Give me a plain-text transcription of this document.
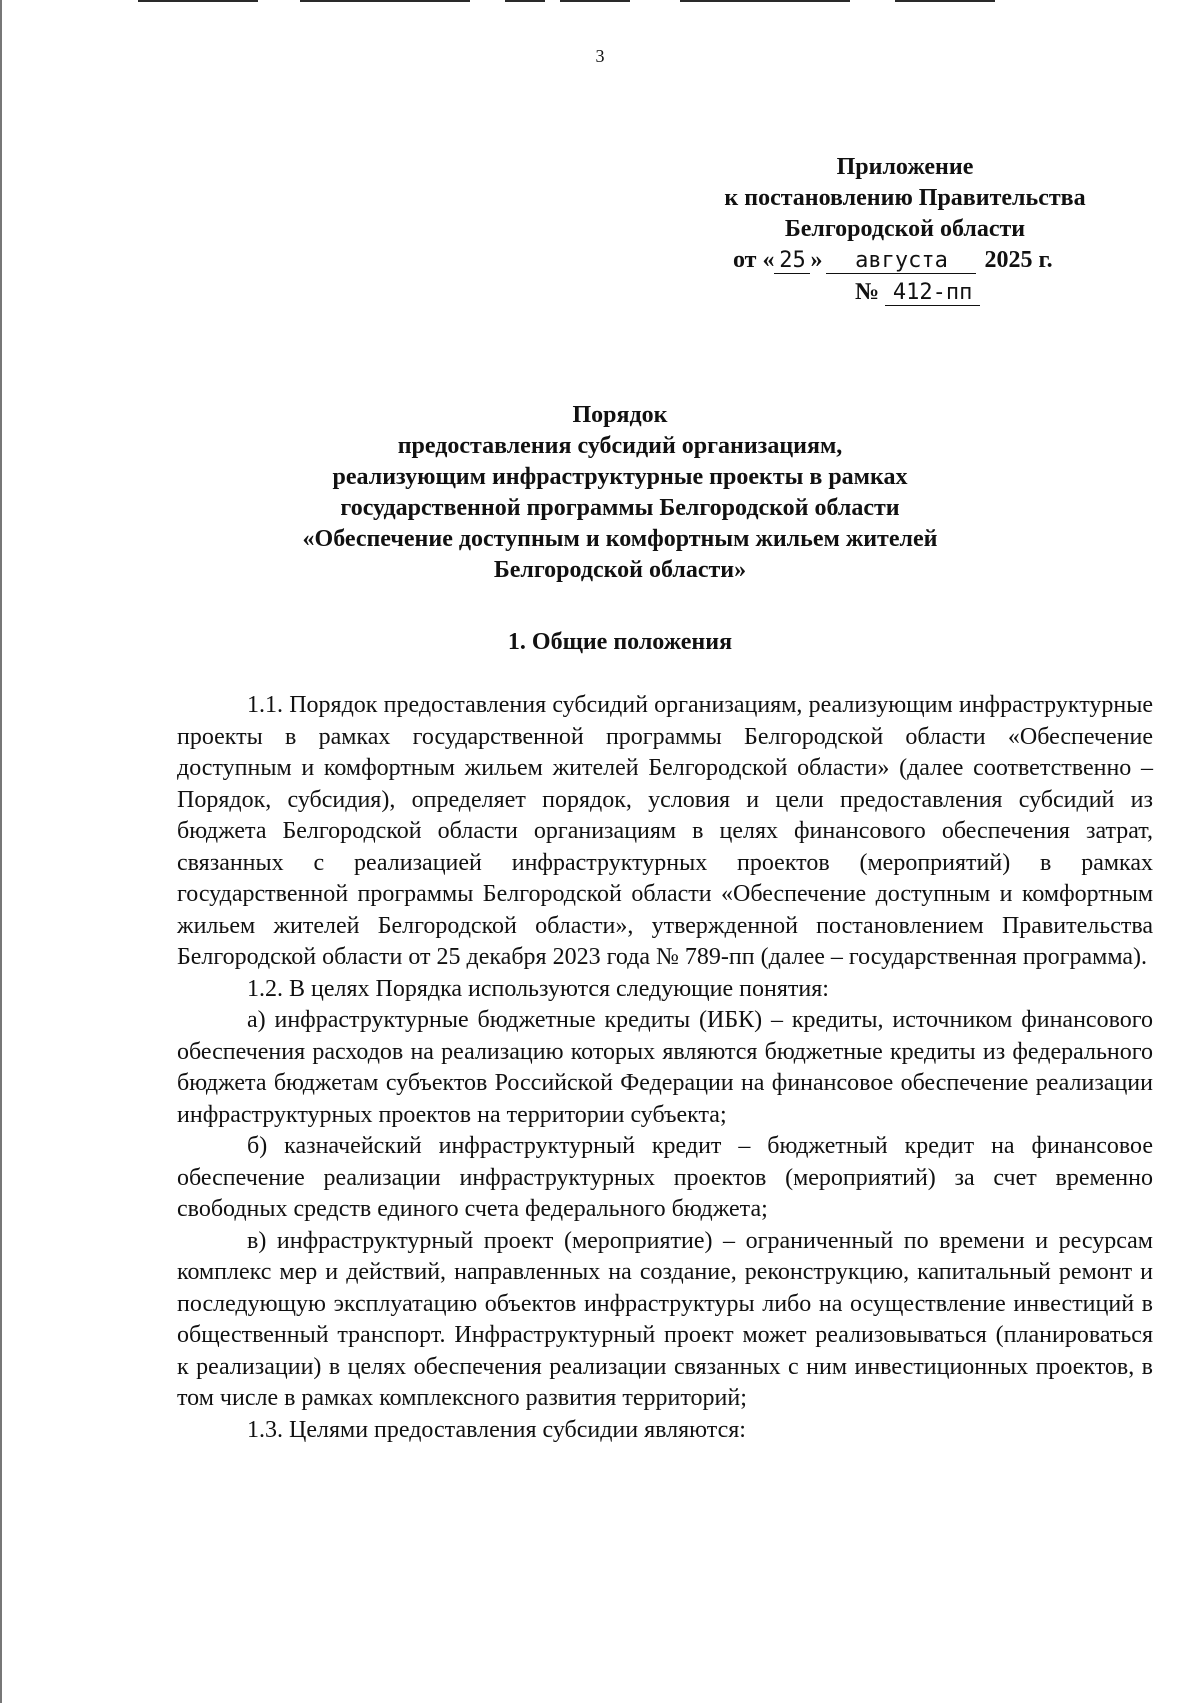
3
Приложение
к постановлению Правительства
Белгородской области
от « 25 » августа 2025 г.
№ 412-пп
Порядок
предоставления субсидий организациям,
реализующим инфраструктурные проекты в рамках
государственной программы Белгородской области
«Обеспечение доступным и комфортным жильем жителей
Белгородской области»
1. Общие положения

1.1. Порядок предоставления субсидий организациям, реализующим инфраструктурные проекты в рамках государственной программы Белгородской области «Обеспечение доступным и комфортным жильем жителей Белгородской области» (далее соответственно – Порядок, субсидия), определяет порядок, условия и цели предоставления субсидий из бюджета Белгородской области организациям в целях финансового обеспечения затрат, связанных с реализацией инфраструктурных проектов (мероприятий) в рамках государственной программы Белгородской области «Обеспечение доступным и комфортным жильем жителей Белгородской области», утвержденной постановлением Правительства Белгородской области от 25 декабря 2023 года № 789-пп (далее – государственная программа).

1.2. В целях Порядка используются следующие понятия:

а) инфраструктурные бюджетные кредиты (ИБК) – кредиты, источником финансового обеспечения расходов на реализацию которых являются бюджетные кредиты из федерального бюджета бюджетам субъектов Российской Федерации на финансовое обеспечение реализации инфраструктурных проектов на территории субъекта;

б) казначейский инфраструктурный кредит – бюджетный кредит на финансовое обеспечение реализации инфраструктурных проектов (мероприятий) за счет временно свободных средств единого счета федерального бюджета;

в) инфраструктурный проект (мероприятие) – ограниченный по времени и ресурсам комплекс мер и действий, направленных на создание, реконструкцию, капитальный ремонт и последующую эксплуатацию объектов инфраструктуры либо на осуществление инвестиций в общественный транспорт. Инфраструктурный проект может реализовываться (планироваться к реализации) в целях обеспечения реализации связанных с ним инвестиционных проектов, в том числе в рамках комплексного развития территорий;

1.3. Целями предоставления субсидии являются:
